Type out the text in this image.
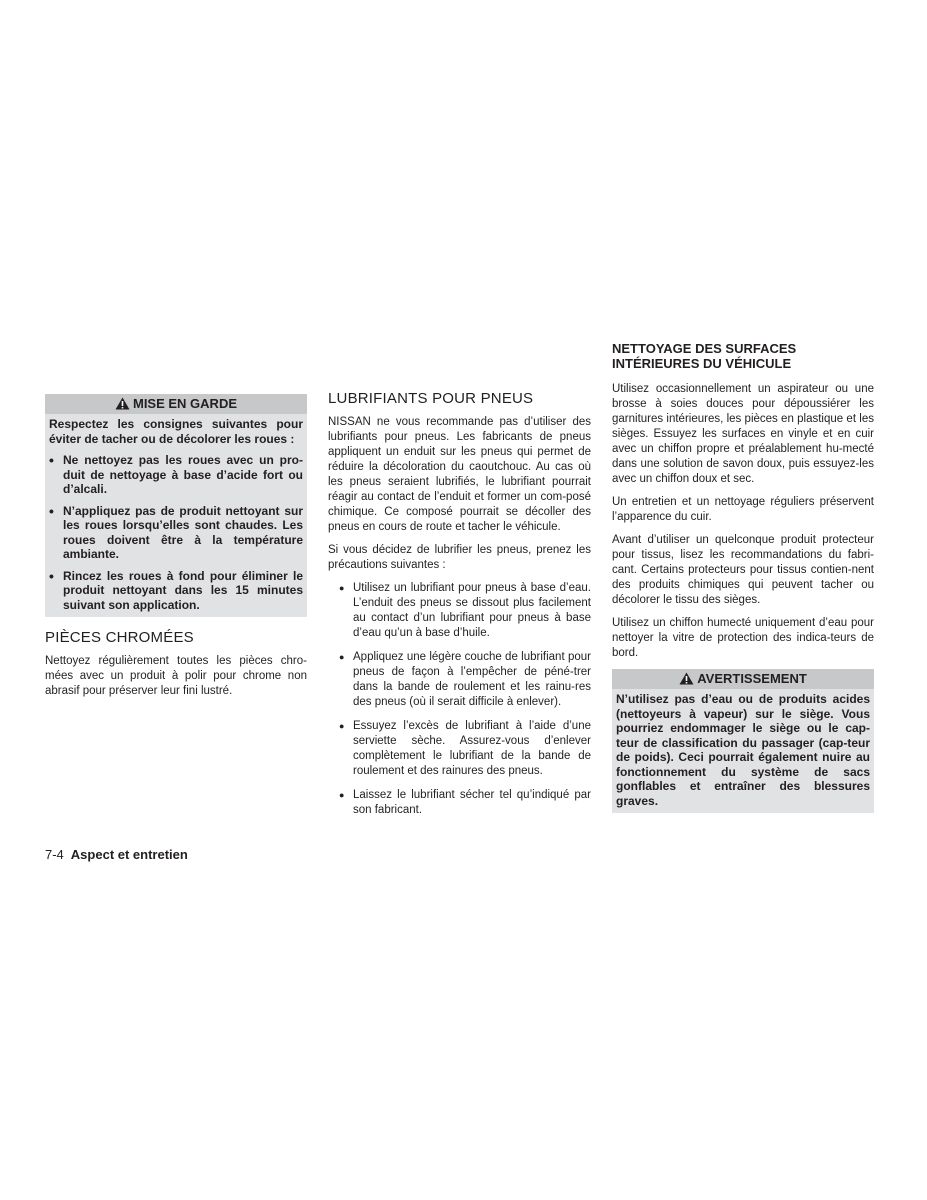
MISE EN GARDE

Respectez les consignes suivantes pour éviter de tacher ou de décolorer les roues :

• Ne nettoyez pas les roues avec un pro-duit de nettoyage à base d’acide fort ou d’alcali.
• N’appliquez pas de produit nettoyant sur les roues lorsqu’elles sont chaudes. Les roues doivent être à la température ambiante.
• Rincez les roues à fond pour éliminer le produit nettoyant dans les 15 minutes suivant son application.
PIÈCES CHROMÉES

Nettoyez régulièrement toutes les pièces chro-mées avec un produit à polir pour chrome non abrasif pour préserver leur fini lustré.

LUBRIFIANTS POUR PNEUS

NISSAN ne vous recommande pas d’utiliser des lubrifiants pour pneus. Les fabricants de pneus appliquent un enduit sur les pneus qui permet de réduire la décoloration du caoutchouc. Au cas où les pneus seraient lubrifiés, le lubrifiant pourrait réagir au contact de l’enduit et former un com-posé chimique. Ce composé pourrait se décoller des pneus en cours de route et tacher le véhicule.

Si vous décidez de lubrifier les pneus, prenez les précautions suivantes :

● Utilisez un lubrifiant pour pneus à base d’eau. L’enduit des pneus se dissout plus facilement au contact d’un lubrifiant pour pneus à base d’eau qu’un à base d’huile.
● Appliquez une légère couche de lubrifiant pour pneus de façon à l’empêcher de péné-trer dans la bande de roulement et les rainu-res des pneus (où il serait difficile à enlever).
● Essuyez l’excès de lubrifiant à l’aide d’une serviette sèche. Assurez-vous d’enlever complètement le lubrifiant de la bande de roulement et des rainures des pneus.
● Laissez le lubrifiant sécher tel qu’indiqué par son fabricant.
NETTOYAGE DES SURFACES
INTÉRIEURES DU VÉHICULE

Utilisez occasionnellement un aspirateur ou une brosse à soies douces pour dépoussiérer les garnitures intérieures, les pièces en plastique et les sièges. Essuyez les surfaces en vinyle et en cuir avec un chiffon propre et préalablement hu-mecté dans une solution de savon doux, puis essuyez-les avec un chiffon doux et sec.

Un entretien et un nettoyage réguliers préservent l’apparence du cuir.

Avant d’utiliser un quelconque produit protecteur pour tissus, lisez les recommandations du fabri-cant. Certains protecteurs pour tissus contien-nent des produits chimiques qui peuvent tacher ou décolorer le tissu des sièges.

Utilisez un chiffon humecté uniquement d’eau pour nettoyer la vitre de protection des indica-teurs de bord.

AVERTISSEMENT

N’utilisez pas d’eau ou de produits acides (nettoyeurs à vapeur) sur le siège. Vous pourriez endommager le siège ou le cap-teur de classification du passager (cap-teur de poids). Ceci pourrait également nuire au fonctionnement du système de sacs gonflables et entraîner des blessures graves.

7-4 Aspect et entretien
